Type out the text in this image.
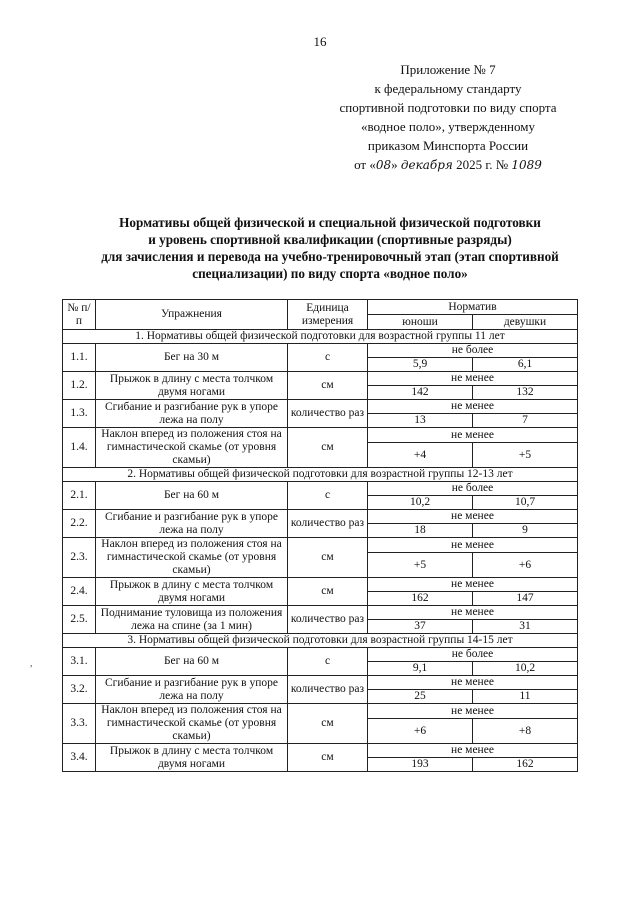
16
Приложение № 7
к федеральному стандарту
спортивной подготовки по виду спорта
«водное поло», утвержденному
приказом Минспорта России
от «08» декабря 2025 г. № 1089
Нормативы общей физической и специальной физической подготовки
и уровень спортивной квалификации (спортивные разряды)
для зачисления и перевода на учебно-тренировочный этап (этап спортивной
специализации) по виду спорта «водное поло»
,
№ п/п	Упражнения	Единица измерения	Норматив	
			юноши	девушки
1. Нормативы общей физической подготовки для возрастной группы 11 лет				
1.1.	Бег на 30 м	с	не более	
			5,9	6,1
1.2.	Прыжок в длину с места толчком двумя ногами	см	не менее	
			142	132
1.3.	Сгибание и разгибание рук в упоре лежа на полу	количество раз	не менее	
			13	7
1.4.	Наклон вперед из положения стоя на гимнастической скамье (от уровня скамьи)	см	не менее	
			+4	+5
2. Нормативы общей физической подготовки для возрастной группы 12-13 лет				
2.1.	Бег на 60 м	с	не более	
			10,2	10,7
2.2.	Сгибание и разгибание рук в упоре лежа на полу	количество раз	не менее	
			18	9
2.3.	Наклон вперед из положения стоя на гимнастической скамье (от уровня скамьи)	см	не менее	
			+5	+6
2.4.	Прыжок в длину с места толчком двумя ногами	см	не менее	
			162	147
2.5.	Поднимание туловища из положения лежа на спине (за 1 мин)	количество раз	не менее	
			37	31
3. Нормативы общей физической подготовки для возрастной группы 14-15 лет				
3.1.	Бег на 60 м	с	не более	
			9,1	10,2
3.2.	Сгибание и разгибание рук в упоре лежа на полу	количество раз	не менее	
			25	11
3.3.	Наклон вперед из положения стоя на гимнастической скамье (от уровня скамьи)	см	не менее	
			+6	+8
3.4.	Прыжок в длину с места толчком двумя ногами	см	не менее	
			193	162
